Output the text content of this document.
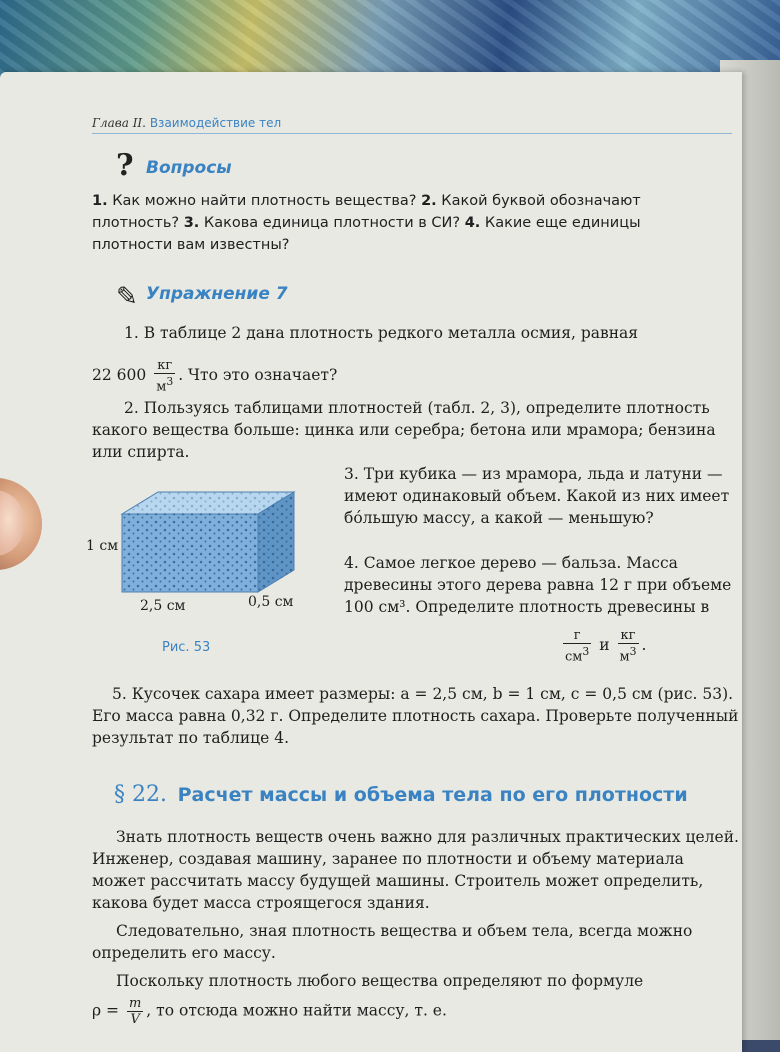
Глава II. Взаимодействие тел
? Вопросы
1. Как можно найти плотность вещества? 2. Какой буквой обозначают плотность? 3. Какова единица плотности в СИ? 4. Какие еще единицы плотности вам известны?
✎ Упражнение 7
1. В таблице 2 дана плотность редкого металла осмия, равная
22 $600 \frac{кг}{м^3}$ . Что это означает?
2. Пользуясь таблицами плотностей (табл. 2, 3), определите плотность какого вещества больше: цинка или серебра; бетона или мрамора; бензина или спирта.
3. Три кубика — из мрамора, льда и латуни — имеют одинаковый объем. Какой из них имеет бóльшую массу, а какой — меньшую?
4. Самое легкое дерево — бальза. Масса древесины этого дерева равна 12 г при объеме 100 см³. Определите плотность древесины в
$\frac{г}{см^3}$ и $\frac{кг}{м^3}$ .
1 см
2,5 см	0,5 см
Рис. 53
5. Кусочек сахара имеет размеры: a = 2,5 см, b = 1 см, c = 0,5 см (рис. 53). Его масса равна 0,32 г. Определите плотность сахара. Проверьте полученный результат по таблице 4.
§ 22. Расчет массы и объема тела по его плотности
Знать плотность веществ очень важно для различных практических целей. Инженер, создавая машину, заранее по плотности и объему материала может рассчитать массу будущей машины. Строитель может определить, какова будет масса строящегося здания.
Следовательно, зная плотность вещества и объем тела, всегда можно определить его массу.
Поскольку плотность любого вещества определяют по формуле
$\rho = \frac{m}{V}$ , то отсюда можно найти массу, т. е.
